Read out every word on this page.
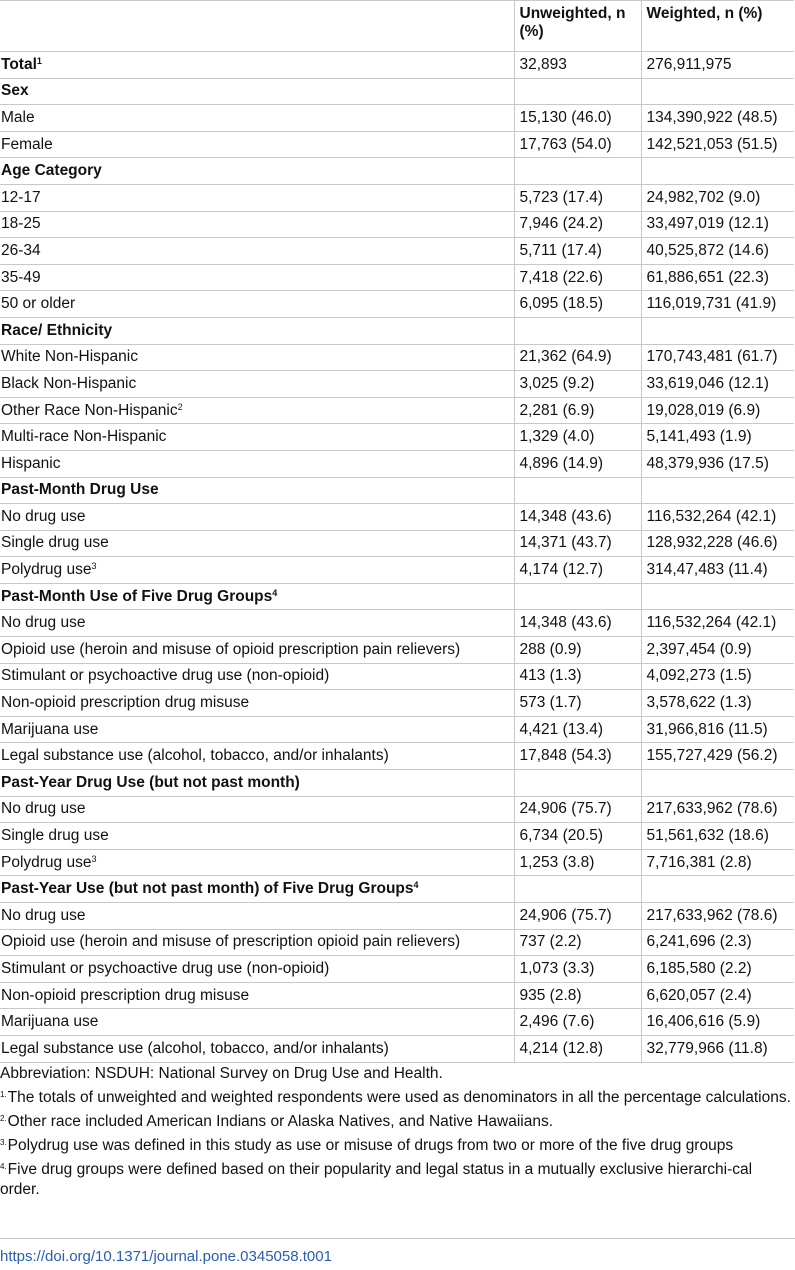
	Unweighted, n (%)	Weighted, n (%)
Total$^1$	32,893	276,911,975
Sex		
Male	15,130 (46.0)	134,390,922 (48.5)
Female	17,763 (54.0)	142,521,053 (51.5)
Age Category		
12-17	5,723 (17.4)	24,982,702 (9.0)
18-25	7,946 (24.2)	33,497,019 (12.1)
26-34	5,711 (17.4)	40,525,872 (14.6)
35-49	7,418 (22.6)	61,886,651 (22.3)
50 or older	6,095 (18.5)	116,019,731 (41.9)
Race/ Ethnicity		
White Non-Hispanic	21,362 (64.9)	170,743,481 (61.7)
Black Non-Hispanic	3,025 (9.2)	33,619,046 (12.1)
Other Race Non-Hispanic$^2$	2,281 (6.9)	19,028,019 (6.9)
Multi-race Non-Hispanic	1,329 (4.0)	5,141,493 (1.9)
Hispanic	4,896 (14.9)	48,379,936 (17.5)
Past-Month Drug Use		
No drug use	14,348 (43.6)	116,532,264 (42.1)
Single drug use	14,371 (43.7)	128,932,228 (46.6)
Polydrug use$^3$	4,174 (12.7)	314,47,483 (11.4)
Past-Month Use of Five Drug Groups$^4$		
No drug use	14,348 (43.6)	116,532,264 (42.1)
Opioid use (heroin and misuse of opioid prescription pain relievers)	288 (0.9)	2,397,454 (0.9)
Stimulant or psychoactive drug use (non-opioid)	413 (1.3)	4,092,273 (1.5)
Non-opioid prescription drug misuse	573 (1.7)	3,578,622 (1.3)
Marijuana use	4,421 (13.4)	31,966,816 (11.5)
Legal substance use (alcohol, tobacco, and/or inhalants)	17,848 (54.3)	155,727,429 (56.2)
Past-Year Drug Use (but not past month)		
No drug use	24,906 (75.7)	217,633,962 (78.6)
Single drug use	6,734 (20.5)	51,561,632 (18.6)
Polydrug use$^3$	1,253 (3.8)	7,716,381 (2.8)
Past-Year Use (but not past month) of Five Drug Groups$^4$		
No drug use	24,906 (75.7)	217,633,962 (78.6)
Opioid use (heroin and misuse of prescription opioid pain relievers)	737 (2.2)	6,241,696 (2.3)
Stimulant or psychoactive drug use (non-opioid)	1,073 (3.3)	6,185,580 (2.2)
Non-opioid prescription drug misuse	935 (2.8)	6,620,057 (2.4)
Marijuana use	2,496 (7.6)	16,406,616 (5.9)
Legal substance use (alcohol, tobacco, and/or inhalants)	4,214 (12.8)	32,779,966 (11.8)
Abbreviation: NSDUH: National Survey on Drug Use and Health.
$^{1.}$The totals of unweighted and weighted respondents were used as denominators in all the percentage calculations.
$^{2.}$Other race included American Indians or Alaska Natives, and Native Hawaiians.
$^{3.}$Polydrug use was defined in this study as use or misuse of drugs from two or more of the five drug groups
$^{4.}$Five drug groups were defined based on their popularity and legal status in a mutually exclusive hierarchi-cal order.
https://doi.org/10.1371/journal.pone.0345058.t001
